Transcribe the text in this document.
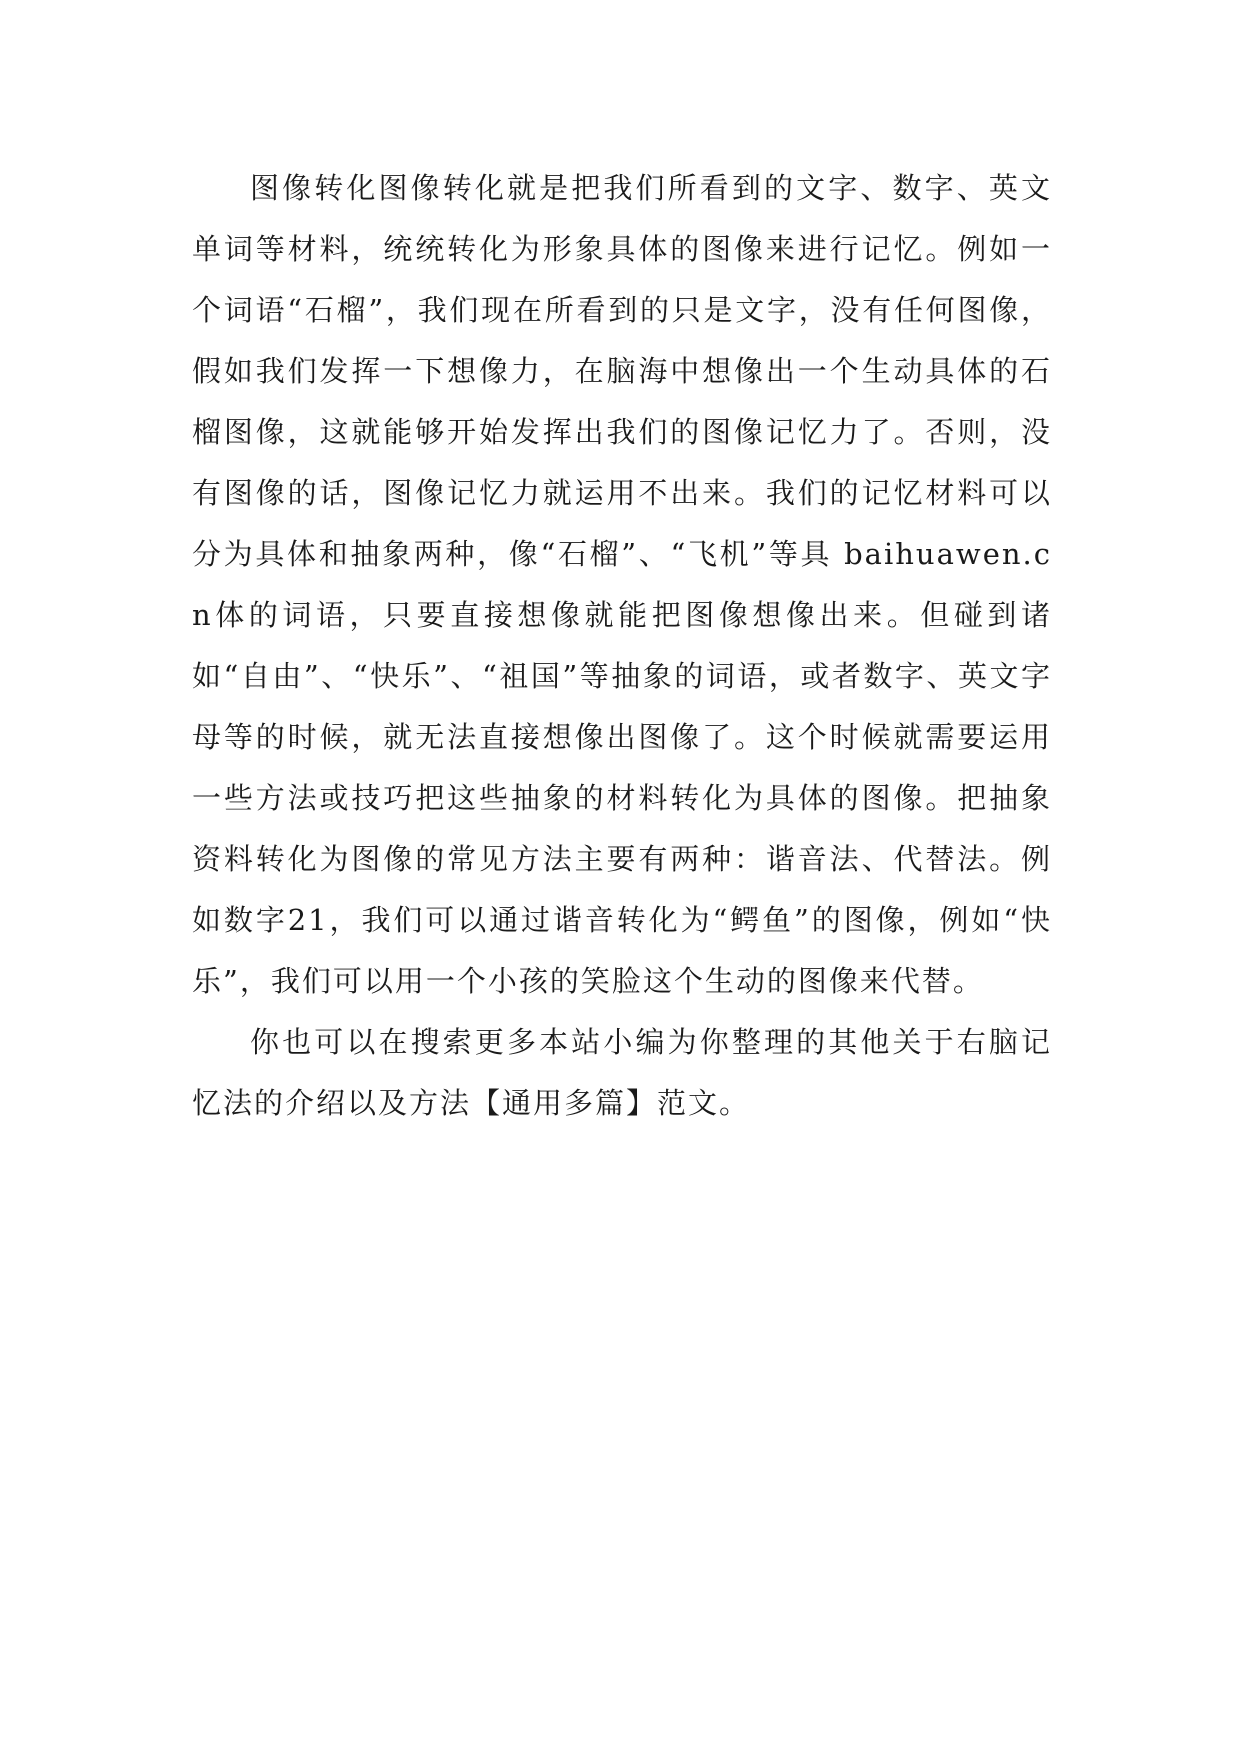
图像转化图像转化就是把我们所看到的文字、数字、英文单词等材料，统统转化为形象具体的图像来进行记忆。例如一个词语“石榴”，我们现在所看到的只是文字，没有任何图像，假如我们发挥一下想像力，在脑海中想像出一个生动具体的石榴图像，这就能够开始发挥出我们的图像记忆力了。否则，没有图像的话，图像记忆力就运用不出来。我们的记忆材料可以分为具体和抽象两种，像“石榴”、“飞机”等具 baihuawen.c  n体的词语，只要直接想像就能把图像想像出来。但碰到诸如“自由”、“快乐”、“祖国”等抽象的词语，或者数字、英文字母等的时候，就无法直接想像出图像了。这个时候就需要运用一些方法或技巧把这些抽象的材料转化为具体的图像。把抽象资料转化为图像的常见方法主要有两种：谐音法、代替法。例如数字21，我们可以通过谐音转化为“鳄鱼”的图像，例如“快乐”，我们可以用一个小孩的笑脸这个生动的图像来代替。

你也可以在搜索更多本站小编为你整理的其他关于右脑记忆法的介绍以及方法【通用多篇】范文。
